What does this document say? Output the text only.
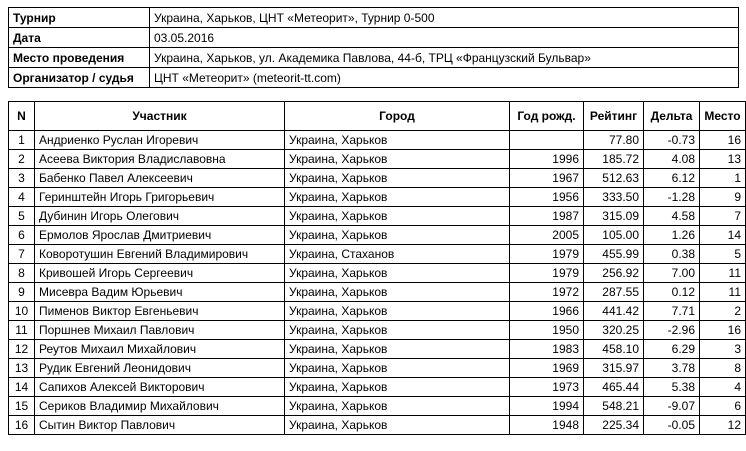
Турнир	Украина, Харьков, ЦНТ «Метеорит», Турнир 0-500
Дата	03.05.2016
Место проведения	Украина, Харьков, ул. Академика Павлова, 44-б, ТРЦ «Французский Бульвар»
Организатор / судья	ЦНТ «Метеорит» (meteorit-tt.com)
N	Участник	Город	Год рожд.	Рейтинг	Дельта	Место
1	Андриенко Руслан Игоревич	Украина, Харьков		77.80	-0.73	16
2	Асеева Виктория Владиславовна	Украина, Харьков	1996	185.72	4.08	13
3	Бабенко Павел Алексеевич	Украина, Харьков	1967	512.63	6.12	1
4	Геринштейн Игорь Григорьевич	Украина, Харьков	1956	333.50	-1.28	9
5	Дубинин Игорь Олегович	Украина, Харьков	1987	315.09	4.58	7
6	Ермолов Ярослав Дмитриевич	Украина, Харьков	2005	105.00	1.26	14
7	Коворотушин Евгений Владимирович	Украина, Стаханов	1979	455.99	0.38	5
8	Кривошей Игорь Сергеевич	Украина, Харьков	1979	256.92	7.00	11
9	Мисевра Вадим Юрьевич	Украина, Харьков	1972	287.55	0.12	11
10	Пименов Виктор Евгеньевич	Украина, Харьков	1966	441.42	7.71	2
11	Поршнев Михаил Павлович	Украина, Харьков	1950	320.25	-2.96	16
12	Реутов Михаил Михайлович	Украина, Харьков	1983	458.10	6.29	3
13	Рудик Евгений Леонидович	Украина, Харьков	1969	315.97	3.78	8
14	Сапихов Алексей Викторович	Украина, Харьков	1973	465.44	5.38	4
15	Сериков Владимир Михайлович	Украина, Харьков	1994	548.21	-9.07	6
16	Сытин Виктор Павлович	Украина, Харьков	1948	225.34	-0.05	12
